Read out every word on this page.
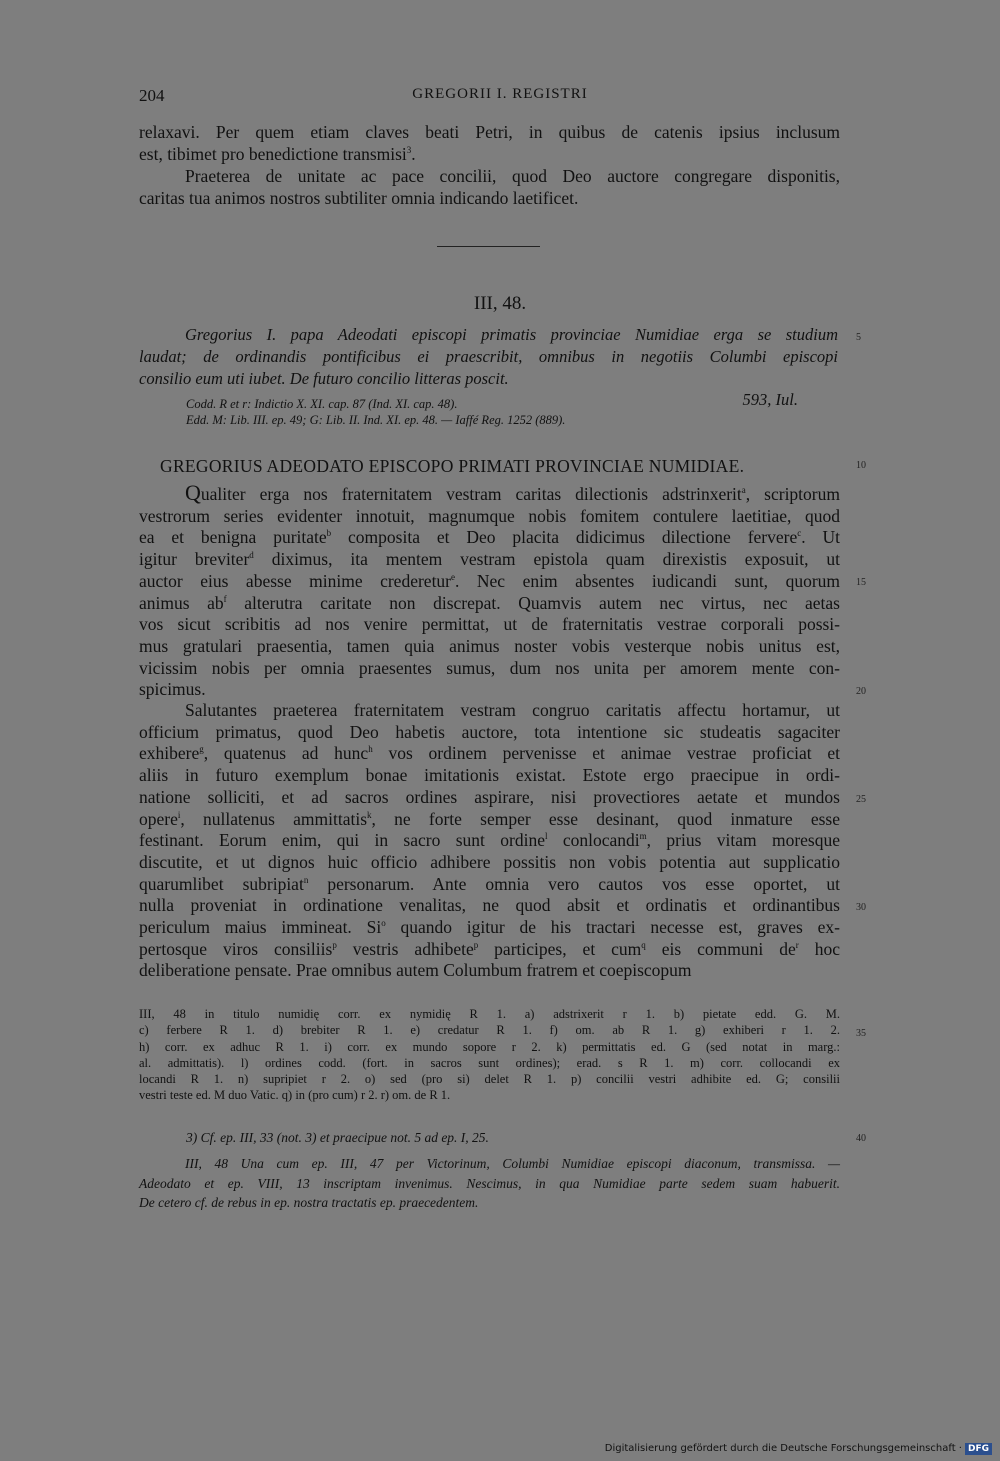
204	GREGORII I. REGISTRI

relaxavi. Per quem etiam claves beati Petri, in quibus de catenis ipsius inclusum
est, tibimet pro benedictione transmisi$^3$.

Praeterea de unitate ac pace concilii, quod Deo auctore congregare disponitis,
caritas tua animos nostros subtiliter omnia indicando laetificet.

III, 48.
Gregorius I. papa Adeodati episcopi primatis provinciae Numidiae erga se studium
laudat; de ordinandis pontificibus ei praescribit, omnibus in negotiis Columbi episcopi
consilio eum uti iubet. De futuro concilio litteras poscit.
593, Iul.
Codd. R et r: Indictio X. XI. cap. 87 (Ind. XI. cap. 48).
Edd. M: Lib. III. ep. 49; G: Lib. II. Ind. XI. ep. 48. — Iaffé Reg. 1252 (889).
GREGORIUS ADEODATO EPISCOPO PRIMATI PROVINCIAE NUMIDIAE.
5
10
15
20
25
30
35
40
Qualiter erga nos fraternitatem vestram caritas dilectionis adstrinxerit$^a$, scriptorum
vestrorum series evidenter innotuit, magnumque nobis fomitem contulere laetitiae, quod
ea et benigna puritate$^b$ composita et Deo placita didicimus dilectione fervere$^c$. Ut
igitur breviter$^d$ diximus, ita mentem vestram epistola quam direxistis exposuit, ut
auctor eius abesse minime crederetur$^e$. Nec enim absentes iudicandi sunt, quorum
animus $ab^f$ alterutra caritate non discrepat. Quamvis autem nec virtus, nec aetas
vos sicut scribitis ad nos venire permittat, ut de fraternitatis vestrae corporali possi-
mus gratulari praesentia, tamen quia animus noster vobis vesterque nobis unitus est,
vicissim nobis per omnia praesentes sumus, dum nos unita per amorem mente con-
spicimus.
Salutantes praeterea fraternitatem vestram congruo caritatis affectu hortamur, ut
officium primatus, quod Deo habetis auctore, tota intentione sic studeatis sagaciter
exhibere$^g$, quatenus ad hunc$^h$ vos ordinem pervenisse et animae vestrae proficiat et
aliis in futuro exemplum bonae imitationis existat. Estote ergo praecipue in ordi-
natione solliciti, et ad sacros ordines aspirare, nisi provectiores aetate et mundos
opere$^i$, nullatenus ammittatis$^k$, ne forte semper esse desinant, quod inmature esse
festinant. Eorum enim, qui in sacro sunt ordine$^l$ conlocandi$^m$, prius vitam moresque
discutite, et ut dignos huic officio adhibere possitis non vobis potentia aut supplicatio
quarumlibet subripiat$^n$ personarum. Ante omnia vero cautos vos esse oportet, ut
nulla proveniat in ordinatione venalitas, ne quod absit et ordinatis et ordinantibus
periculum maius immineat. Si$^o$ quando igitur de his tractari necesse est, graves ex-
pertosque viros consiliis$^p$ vestris adhibete$^p$ participes, et cum$^q$ eis communi $de^r$ hoc
deliberatione pensate. Prae omnibus autem Columbum fratrem et coepiscopum
III, 48 in titulo numidię corr. ex nymidię R 1. a) adstrixerit r 1. b) pietate edd. G. M.
c) ferbere R 1. d) brebiter R 1. e) credatur R 1. f) om. ab R 1. g) exhiberi r 1. 2.
h) corr. ex adhuc R 1. i) corr. ex mundo sopore r 2. k) permittatis ed. G (sed notat in marg.:
al. admittatis). l) ordines codd. (fort. in sacros sunt ordines); erad. s R 1. m) corr. collocandi ex
locandi R 1. n) supripiet r 2. o) sed (pro si) delet R 1. p) concilii vestri adhibite ed. G; consilii
vestri teste ed. M duo Vatic. q) in (pro cum) r 2. r) om. de R 1.
3) Cf. ep. III, 33 (not. 3) et praecipue not. 5 ad ep. I, 25.
III, 48 Una cum ep. III, 47 per Victorinum, Columbi Numidiae episcopi diaconum, transmissa. —
Adeodato et ep. VIII, 13 inscriptam invenimus. Nescimus, in qua Numidiae parte sedem suam habuerit.
De cetero cf. de rebus in ep. nostra tractatis ep. praecedentem.
Digitalisierung gefördert durch die Deutsche Forschungsgemeinschaft · DFG
